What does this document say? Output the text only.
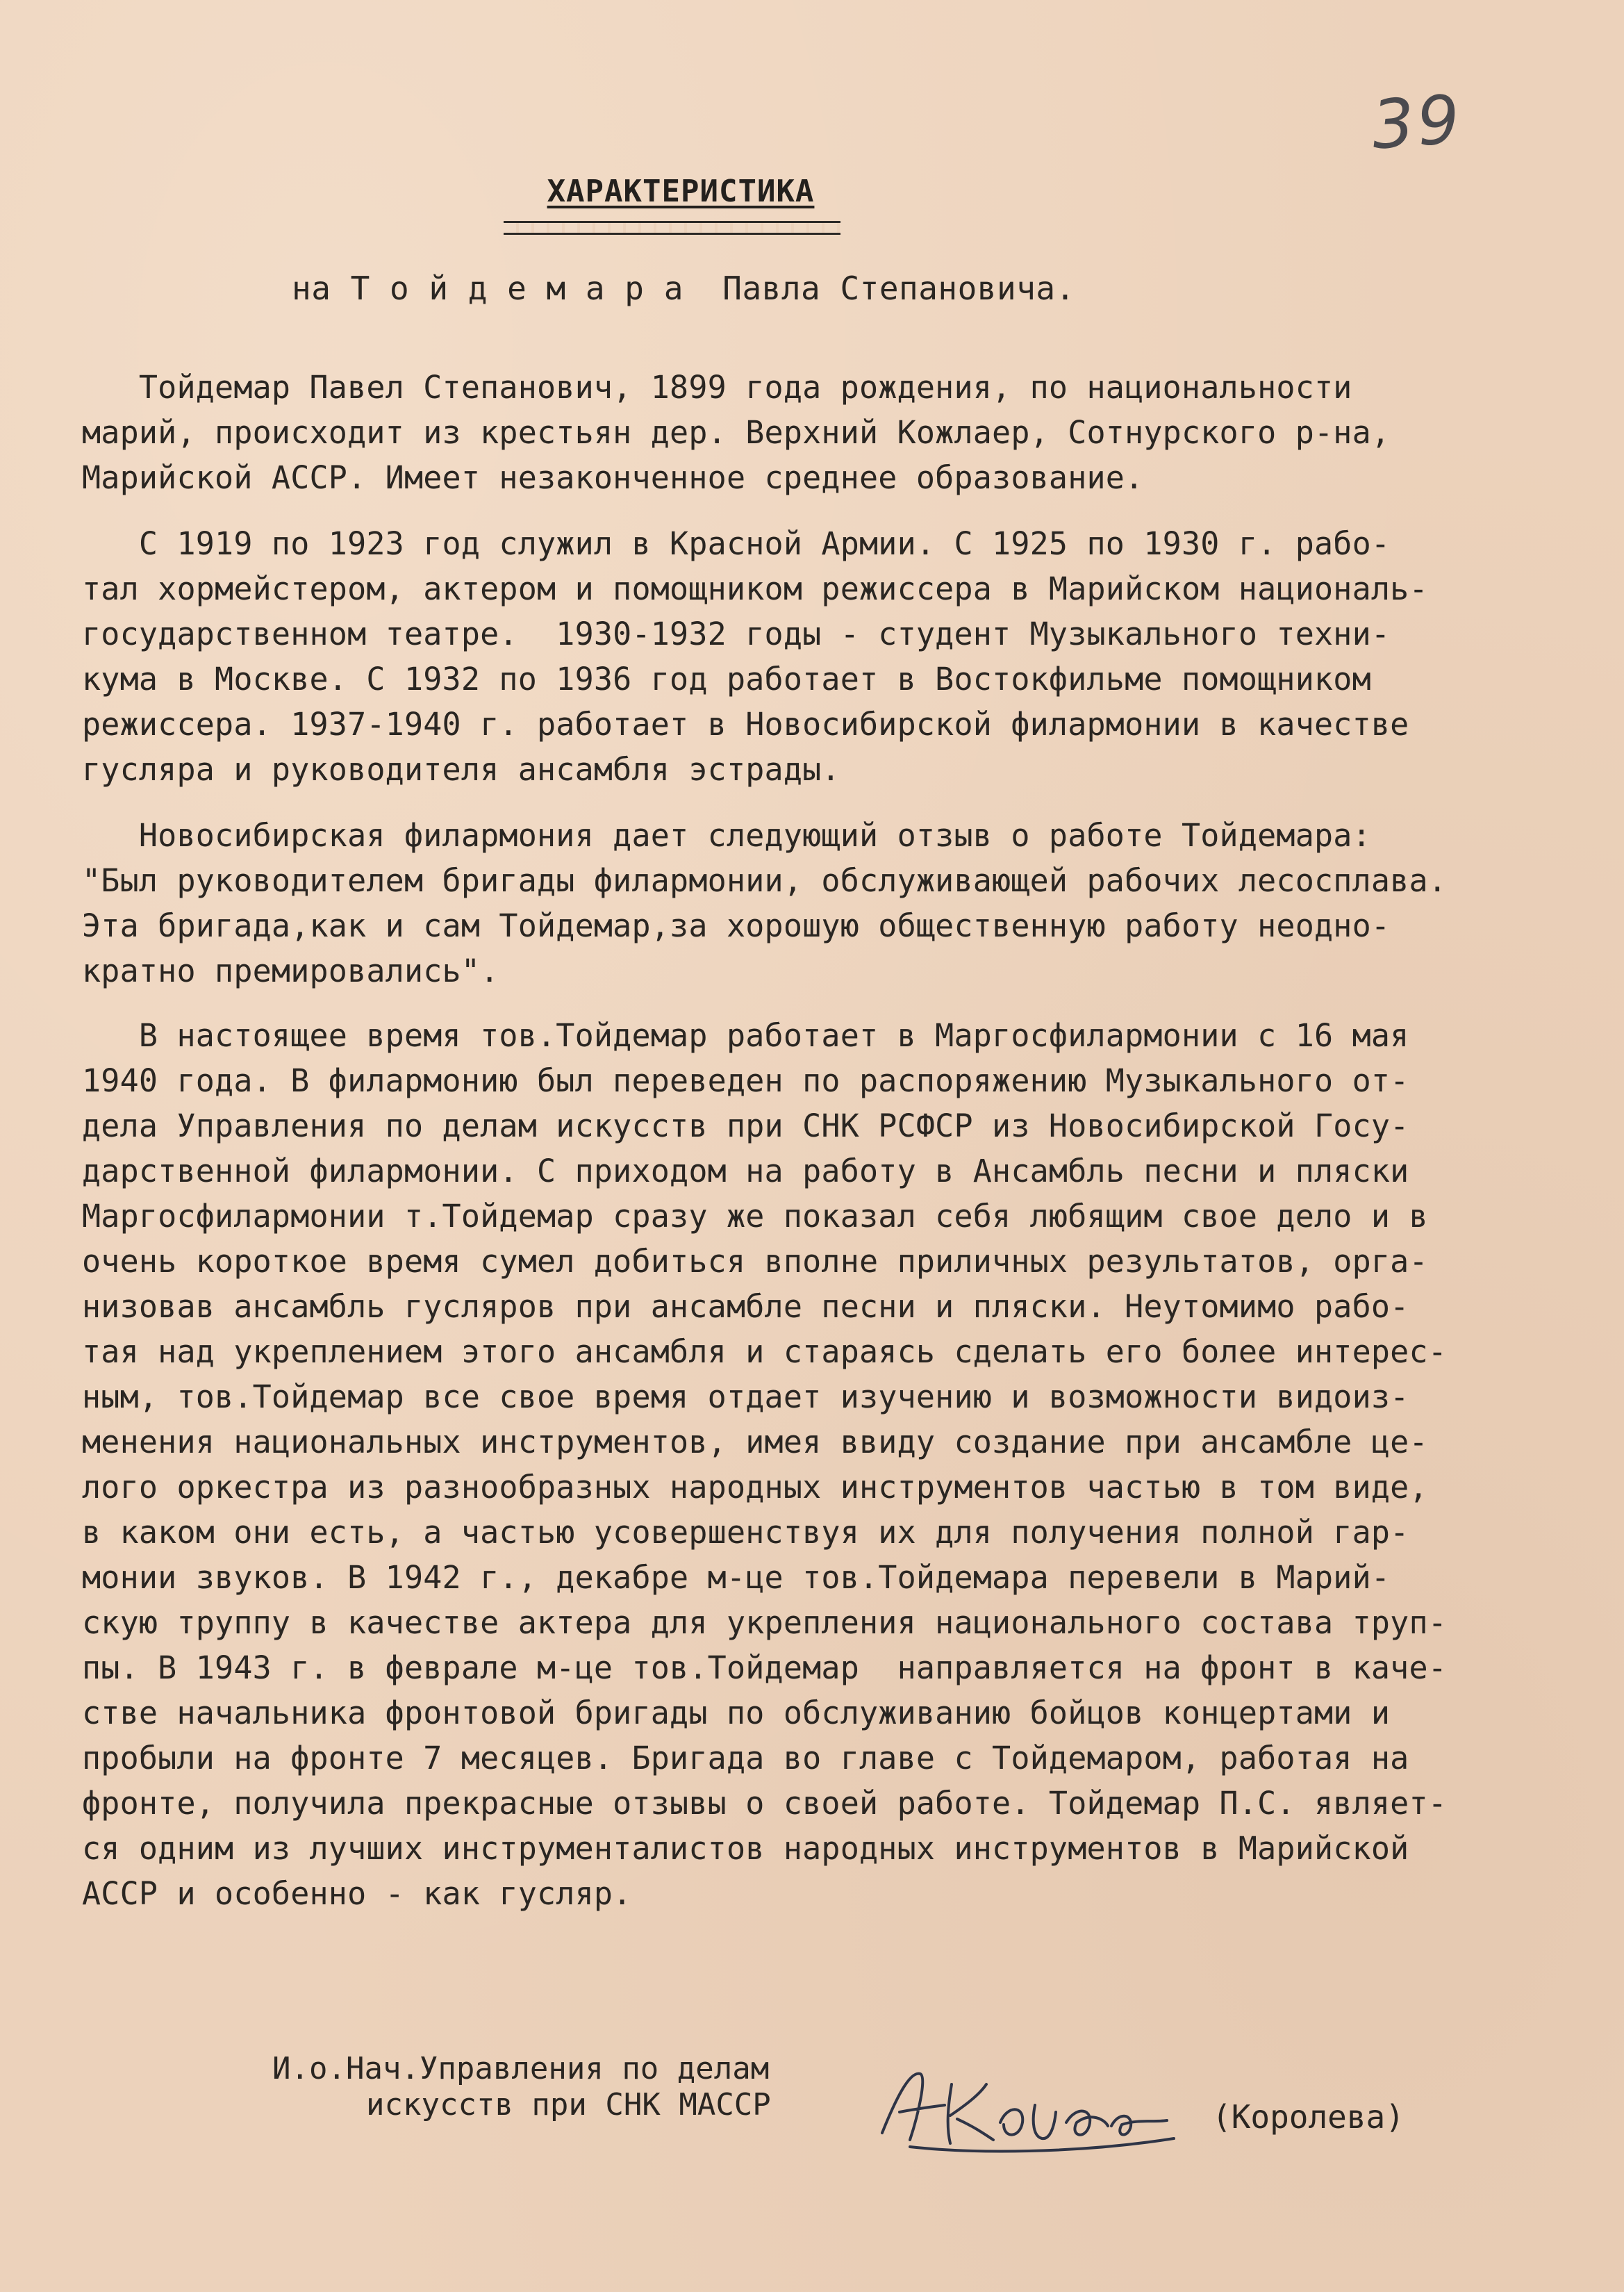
39
ХАРАКТЕРИСТИКА
на Т о й д е м а р а  Павла Степановича.
Тойдемар Павел Степанович, 1899 года рождения, по национальности
марий, происходит из крестьян дер. Верхний Кожлаер, Сотнурского р-на,
Марийской АССР. Имеет незаконченное среднее образование.
С 1919 по 1923 год служил в Красной Армии. С 1925 по 1930 г. рабо-
тал хормейстером, актером и помощником режиссера в Марийском националь-
государственном театре.  1930-1932 годы - студент Музыкального техни-
кума в Москве. С 1932 по 1936 год работает в Востокфильме помощником
режиссера. 1937-1940 г. работает в Новосибирской филармонии в качестве
гусляра и руководителя ансамбля эстрады.
Новосибирская филармония дает следующий отзыв о работе Тойдемара:
"Был руководителем бригады филармонии, обслуживающей рабочих лесосплава.
Эта бригада,как и сам Тойдемар,за хорошую общественную работу неодно-
кратно премировались".
В настоящее время тов.Тойдемар работает в Маргосфилармонии с 16 мая
1940 года. В филармонию был переведен по распоряжению Музыкального от-
дела Управления по делам искусств при СНК РСФСР из Новосибирской Госу-
дарственной филармонии. С приходом на работу в Ансамбль песни и пляски
Маргосфилармонии т.Тойдемар сразу же показал себя любящим свое дело и в
очень короткое время сумел добиться вполне приличных результатов, орга-
низовав ансамбль гусляров при ансамбле песни и пляски. Неутомимо рабо-
тая над укреплением этого ансамбля и стараясь сделать его более интерес-
ным, тов.Тойдемар все свое время отдает изучению и возможности видоиз-
менения национальных инструментов, имея ввиду создание при ансамбле це-
лого оркестра из разнообразных народных инструментов частью в том виде,
в каком они есть, а частью усовершенствуя их для получения полной гар-
монии звуков. В 1942 г., декабре м-це тов.Тойдемара перевели в Марий-
скую труппу в качестве актера для укрепления национального состава труп-
пы. В 1943 г. в феврале м-це тов.Тойдемар  направляется на фронт в каче-
стве начальника фронтовой бригады по обслуживанию бойцов концертами и
пробыли на фронте 7 месяцев. Бригада во главе с Тойдемаром, работая на
фронте, получила прекрасные отзывы о своей работе. Тойдемар П.С. являет-
ся одним из лучших инструменталистов народных инструментов в Марийской
АССР и особенно - как гусляр.
И.о.Нач.Управления по делам
искусств при СНК МАССР	(Королева)
